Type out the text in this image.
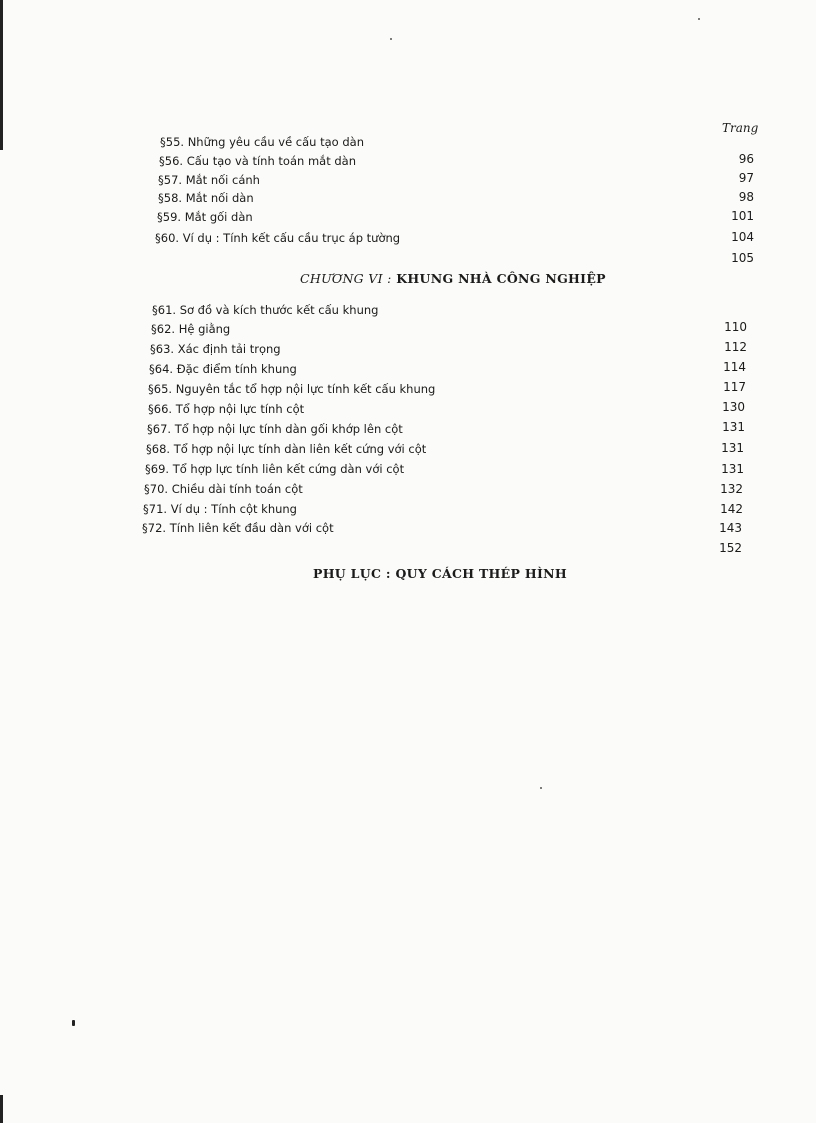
Trang
§55. Những yêu cầu về cấu tạo dàn
§56. Cấu tạo và tính toán mắt dàn
§57. Mắt nối cánh
§58. Mắt nối dàn
§59. Mắt gối dàn
§60. Ví dụ : Tính kết cấu cầu trục áp tường
96
97
98
101
104
105
CHƯƠNG VI : KHUNG NHÀ CÔNG NGHIỆP
§61. Sơ đồ và kích thước kết cấu khung
§62. Hệ giằng
§63. Xác định tải trọng
§64. Đặc điểm tính khung
§65. Nguyên tắc tổ hợp nội lực tính kết cấu khung
§66. Tổ hợp nội lực tính cột
§67. Tổ hợp nội lực tính dàn gối khớp lên cột
§68. Tổ hợp nội lực tính dàn liên kết cứng với cột
§69. Tổ hợp lực tính liên kết cứng dàn với cột
§70. Chiều dài tính toán cột
§71. Ví dụ : Tính cột khung
§72. Tính liên kết đầu dàn với cột
110
112
114
117
130
131
131
131
132
142
143
152
PHỤ LỤC : QUY CÁCH THÉP HÌNH
